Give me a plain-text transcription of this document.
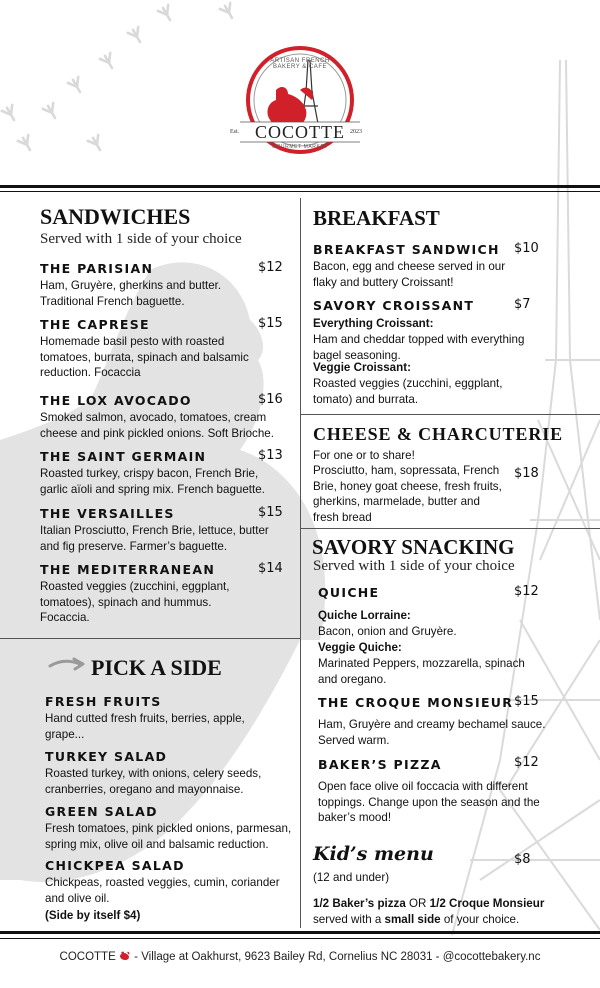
ARTISAN FRENCH BAKERY & CAFE
Est. COCOTTE 2023
GOURMET MARKET
SANDWICHES
Served with 1 side of your choice
THE PARISIAN	$12
Ham, Gruyère, gherkins and butter. Traditional French baguette.
THE CAPRESE	$15
Homemade basil pesto with roasted tomatoes, burrata, spinach and balsamic reduction. Focaccia
THE LOX AVOCADO	$16
Smoked salmon, avocado, tomatoes, cream cheese and pink pickled onions. Soft Brioche.
THE SAINT GERMAIN	$13
Roasted turkey, crispy bacon, French Brie, garlic aïoli and spring mix. French baguette.
THE VERSAILLES	$15
Italian Prosciutto, French Brie, lettuce, butter and fig preserve. Farmer’s baguette.
THE MEDITERRANEAN	$14
Roasted veggies (zucchini, eggplant, tomatoes), spinach and hummus. Focaccia.
PICK A SIDE
FRESH FRUITS
Hand cutted fresh fruits, berries, apple, grape...
TURKEY SALAD
Roasted turkey, with onions, celery seeds, cranberries, oregano and mayonnaise.
GREEN SALAD
Fresh tomatoes, pink pickled onions, parmesan, spring mix, olive oil and balsamic reduction.
CHICKPEA SALAD
Chickpeas, roasted veggies, cumin, coriander and olive oil.
(Side by itself $4)
BREAKFAST
BREAKFAST SANDWICH $10
Bacon, egg and cheese served in our flaky and buttery Croissant!
SAVORY CROISSANT	$7
Everything Croissant:
Ham and cheddar topped with everything bagel seasoning.
Veggie Croissant:
Roasted veggies (zucchini, eggplant, tomato) and burrata.
CHEESE & CHARCUTERIE
For one or to share!
Prosciutto, ham, sopressata, French Brie, honey goat cheese, fresh fruits, gherkins, marmelade, butter and fresh bread
$18
SAVORY SNACKING
Served with 1 side of your choice
QUICHE	$12
Quiche Lorraine:
Bacon, onion and Gruyère.
Veggie Quiche:
Marinated Peppers, mozzarella, spinach and oregano.
THE CROQUE MONSIEUR $15
Ham, Gruyère and creamy bechamel sauce. Served warm.
BAKER’S PIZZA	$12
Open face olive oil foccacia with different toppings. Change upon the season and the baker’s mood!
Kid’s menu	$8
(12 and under)
1/2 Baker’s pizza OR 1/2 Croque Monsieur
served with a small side of your choice.
COCOTTE - Village at Oakhurst, 9623 Bailey Rd, Cornelius NC 28031 - @cocottebakery.nc
